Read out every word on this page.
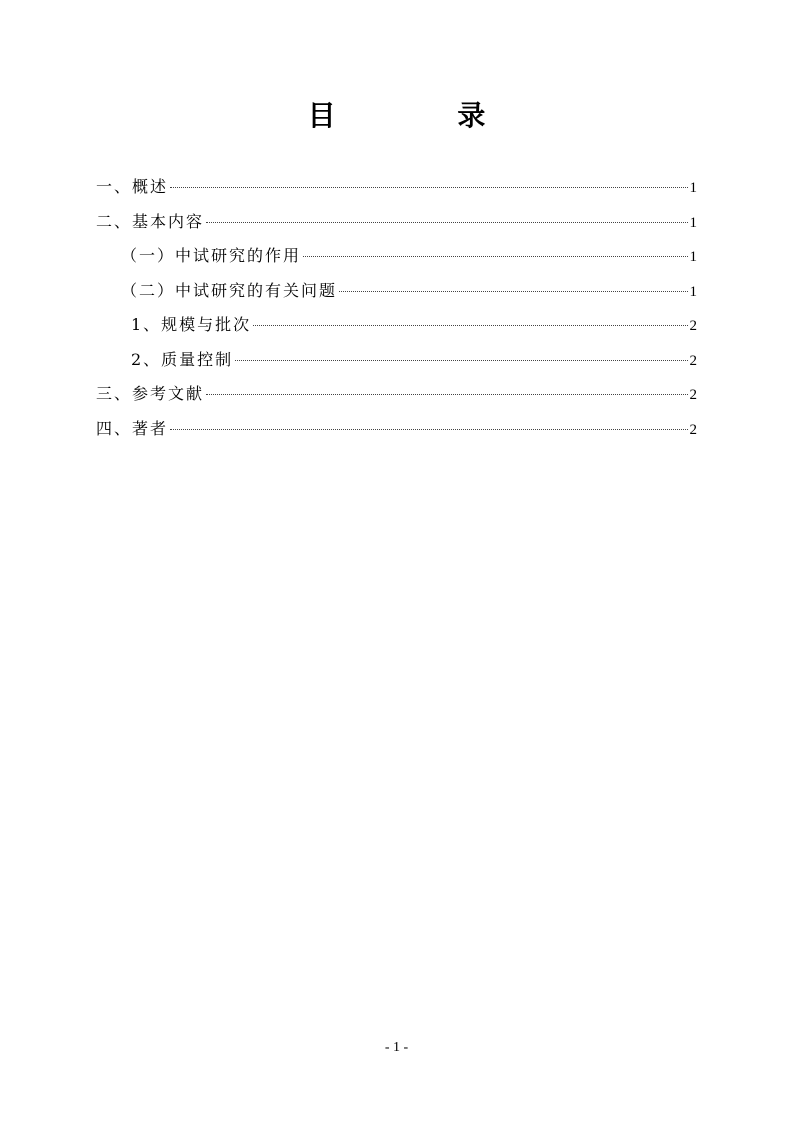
目 录
一、概述	1
二、基本内容	1
（一）中试研究的作用	1
（二）中试研究的有关问题	1
1、规模与批次	2
2、质量控制	2
三、参考文献	2
四、著者	2
- 1 -
